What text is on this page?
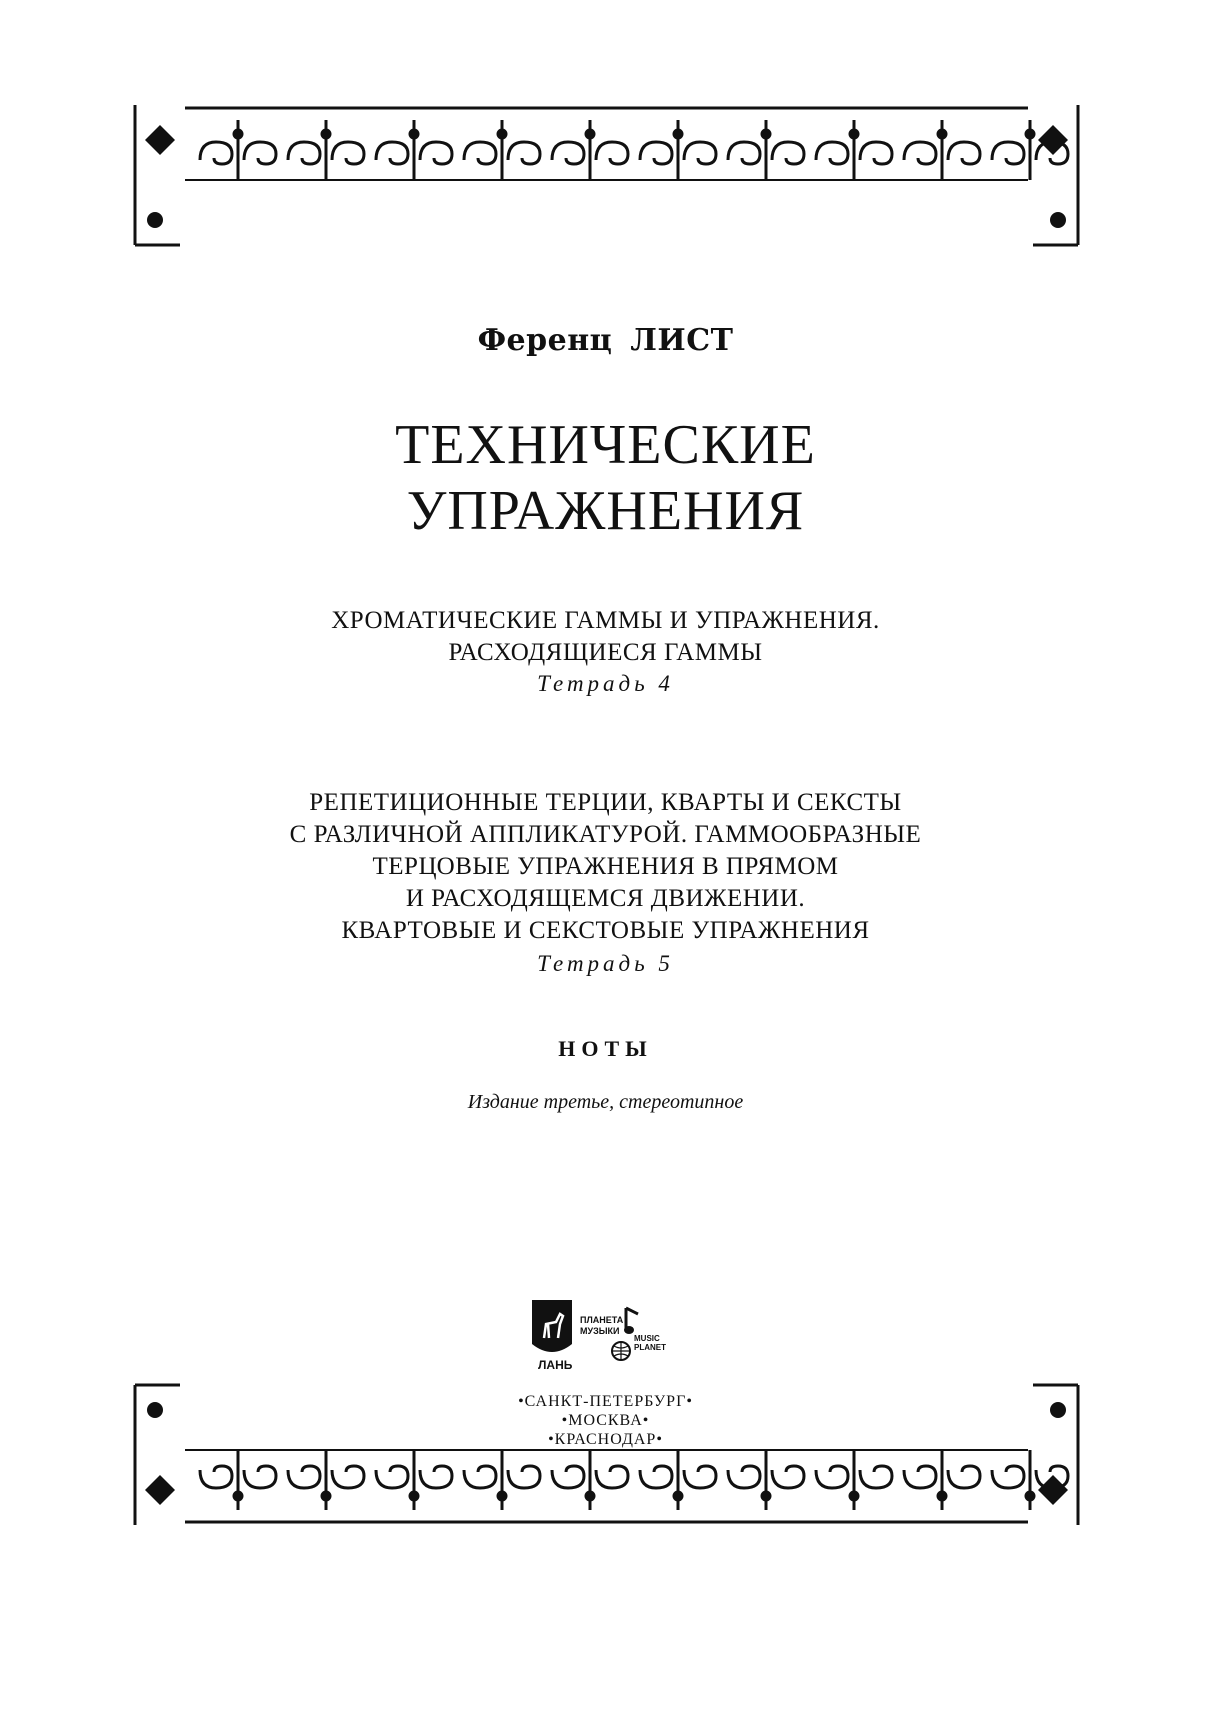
Ференц ЛИСТ
ТЕХНИЧЕСКИЕ
УПРАЖНЕНИЯ
ХРОМАТИЧЕСКИЕ ГАММЫ И УПРАЖНЕНИЯ.
РАСХОДЯЩИЕСЯ ГАММЫ
Тетрадь 4
РЕПЕТИЦИОННЫЕ ТЕРЦИИ, КВАРТЫ И СЕКСТЫ
С РАЗЛИЧНОЙ АППЛИКАТУРОЙ. ГАММООБРАЗНЫЕ
ТЕРЦОВЫЕ УПРАЖНЕНИЯ В ПРЯМОМ
И РАСХОДЯЩЕМСЯ ДВИЖЕНИИ.
КВАРТОВЫЕ И СЕКСТОВЫЕ УПРАЖНЕНИЯ
Тетрадь 5
НОТЫ
Издание третье, стереотипное
ЛАНЬ
ПЛАНЕТА
МУЗЫКИ
MUSIC
PLANET
•САНКТ-ПЕТЕРБУРГ•
•МОСКВА•
•КРАСНОДАР•
